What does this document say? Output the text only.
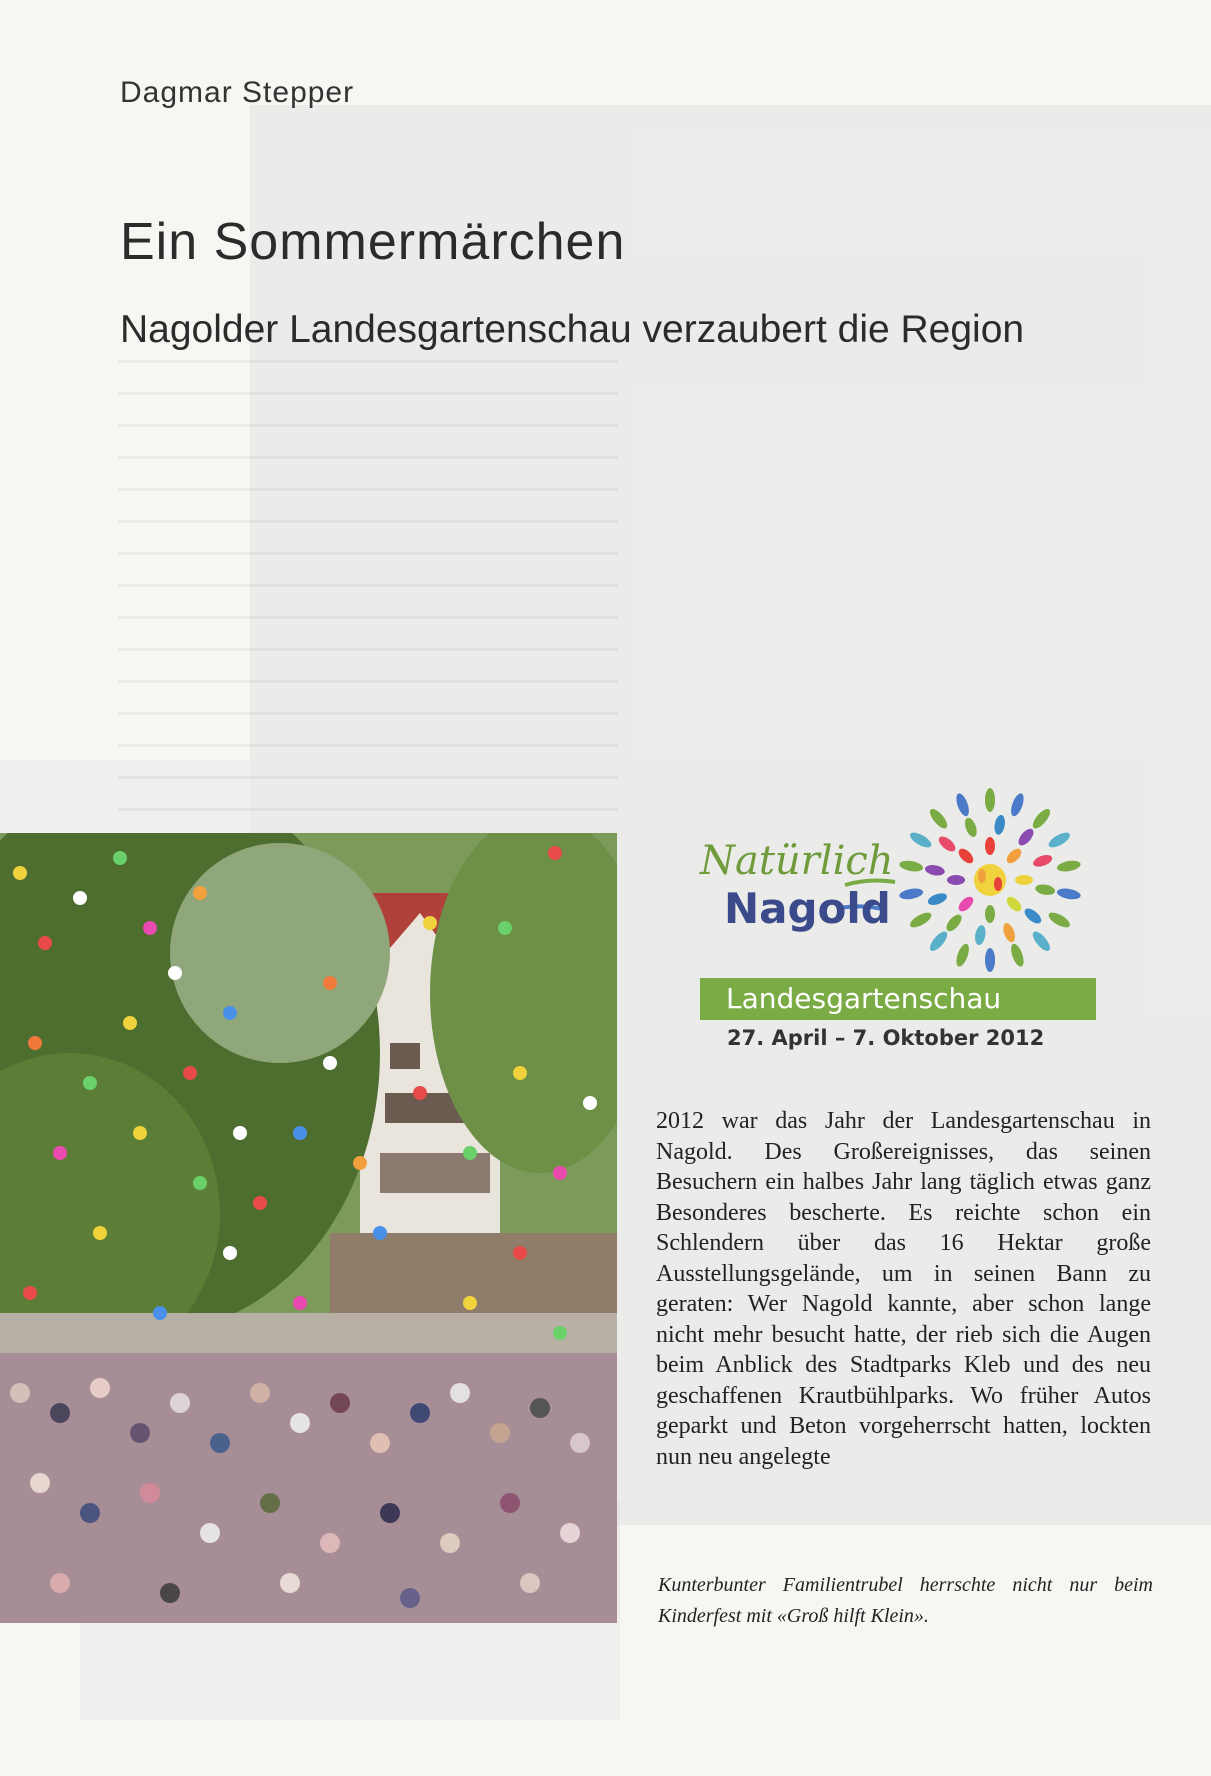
Dagmar Stepper
Ein Sommermärchen
Nagolder Landesgartenschau verzaubert die Region
Natürlich
Nagold
Landesgartenschau
27. April – 7. Oktober 2012

2012 war das Jahr der Landesgartenschau in Nagold. Des Großereignisses, das seinen Besuchern ein halbes Jahr lang täglich etwas ganz Besonderes bescherte. Es reichte schon ein Schlendern über das 16 Hektar große Ausstellungsgelände, um in seinen Bann zu geraten: Wer Nagold kannte, aber schon lange nicht mehr besucht hatte, der rieb sich die Augen beim Anblick des Stadtparks Kleb und des neu geschaffenen Krautbühlparks. Wo früher Autos geparkt und Beton vorgeherrscht hatten, lockten nun neu angelegte

Kunterbunter Familientrubel herrschte nicht nur beim Kinderfest mit «Groß hilft Klein».
